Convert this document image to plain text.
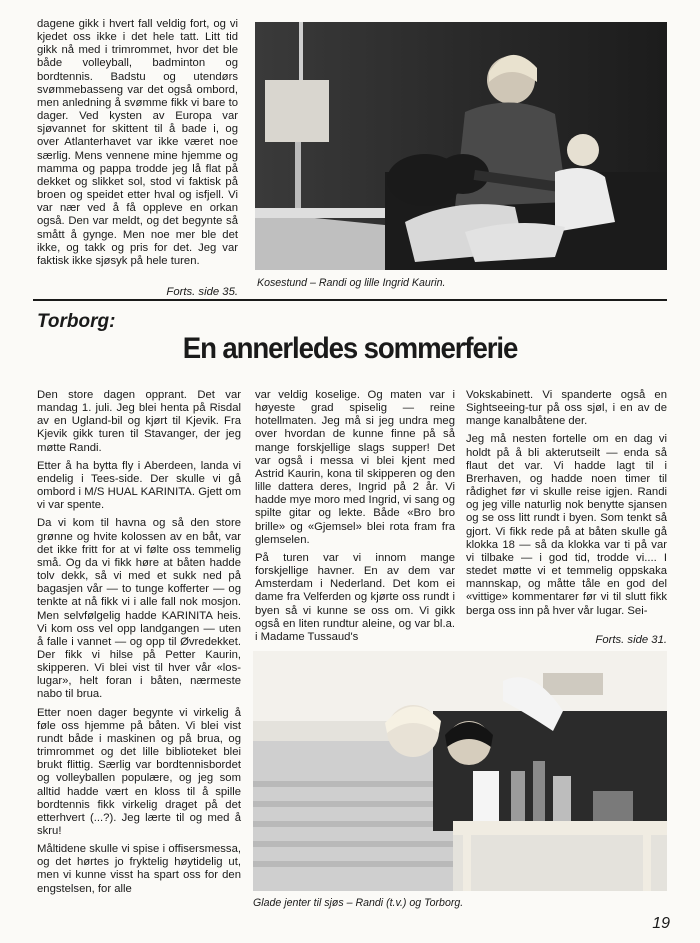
dagene gikk i hvert fall veldig fort, og vi kjedet oss ikke i det hele tatt. Litt tid gikk nå med i trimrommet, hvor det ble både volleyball, badminton og bordtennis. Badstu og utendørs svømmebasseng var det også ombord, men anledning å svømme fikk vi bare to dager. Ved kysten av Europa var sjøvannet for skittent til å bade i, og over Atlanterhavet var ikke været noe særlig. Mens vennene mine hjemme og mamma og pappa trodde jeg lå flat på dekket og slikket sol, stod vi faktisk på broen og speidet etter hval og isfjell. Vi var nær ved å få oppleve en orkan også. Den var meldt, og det begynte så smått å gynge. Men noe mer ble det ikke, og takk og pris for det. Jeg var faktisk ikke sjøsyk på hele turen.

Forts. side 35.
Kosestund – Randi og lille Ingrid Kaurin.
Torborg:
En annerledes sommerferie

Den store dagen opprant. Det var mandag 1. juli. Jeg blei henta på Risdal av en Ugland-bil og kjørt til Kjevik. Fra Kjevik gikk turen til Stavanger, der jeg møtte Randi.

Etter å ha bytta fly i Aberdeen, landa vi endelig i Tees-side. Der skulle vi gå ombord i M/S HUAL KARINITA. Gjett om vi var spente.

Da vi kom til havna og så den store grønne og hvite kolossen av en båt, var det ikke fritt for at vi følte oss temmelig små. Og da vi fikk høre at båten hadde tolv dekk, så vi med et sukk ned på bagasjen vår — to tunge kofferter — og tenkte at nå fikk vi i alle fall nok mosjon. Men selvfølgelig hadde KARINITA heis. Vi kom oss vel opp landgangen — uten å falle i vannet — og opp til Øvredekket. Der fikk vi hilse på Petter Kaurin, skipperen. Vi blei vist til hver vår «los-lugar», helt foran i båten, nærmeste nabo til brua.

Etter noen dager begynte vi virkelig å føle oss hjemme på båten. Vi blei vist rundt både i maskinen og på brua, og trimrommet og det lille biblioteket blei brukt flittig. Særlig var bordtennisbordet og volleyballen populære, og jeg som alltid hadde vært en kloss til å spille bordtennis fikk virkelig draget på det etterhvert (...?). Jeg lærte til og med å skru!

Måltidene skulle vi spise i offisersmessa, og det hørtes jo fryktelig høytidelig ut, men vi kunne visst ha spart oss for den engstelsen, for alle

var veldig koselige. Og maten var i høyeste grad spiselig — reine hotellmaten. Jeg må si jeg undra meg over hvordan de kunne finne på så mange forskjellige slags supper! Det var også i messa vi blei kjent med Astrid Kaurin, kona til skipperen og den lille dattera deres, Ingrid på 2 år. Vi hadde mye moro med Ingrid, vi sang og spilte gitar og lekte. Både «Bro bro brille» og «Gjemsel» blei rota fram fra glemselen.

På turen var vi innom mange forskjellige havner. En av dem var Amsterdam i Nederland. Det kom ei dame fra Velferden og kjørte oss rundt i byen så vi kunne se oss om. Vi gikk også en liten rundtur aleine, og var bl.a. i Madame Tussaud's

Vokskabinett. Vi spanderte også en Sightseeing-tur på oss sjøl, i en av de mange kanalbåtene der.

Jeg må nesten fortelle om en dag vi holdt på å bli akterutseilt — enda så flaut det var. Vi hadde lagt til i Brerhaven, og hadde noen timer til rådighet før vi skulle reise igjen. Randi og jeg ville naturlig nok benytte sjansen og se oss litt rundt i byen. Som tenkt så gjort. Vi fikk rede på at båten skulle gå klokka 18 — så da klokka var ti på var vi tilbake — i god tid, trodde vi.... I stedet møtte vi et temmelig oppskaka mannskap, og måtte tåle en god del «vittige» kommentarer før vi til slutt fikk berga oss inn på hver vår lugar. Sei-

Forts. side 31.
Glade jenter til sjøs – Randi (t.v.) og Torborg.
19
